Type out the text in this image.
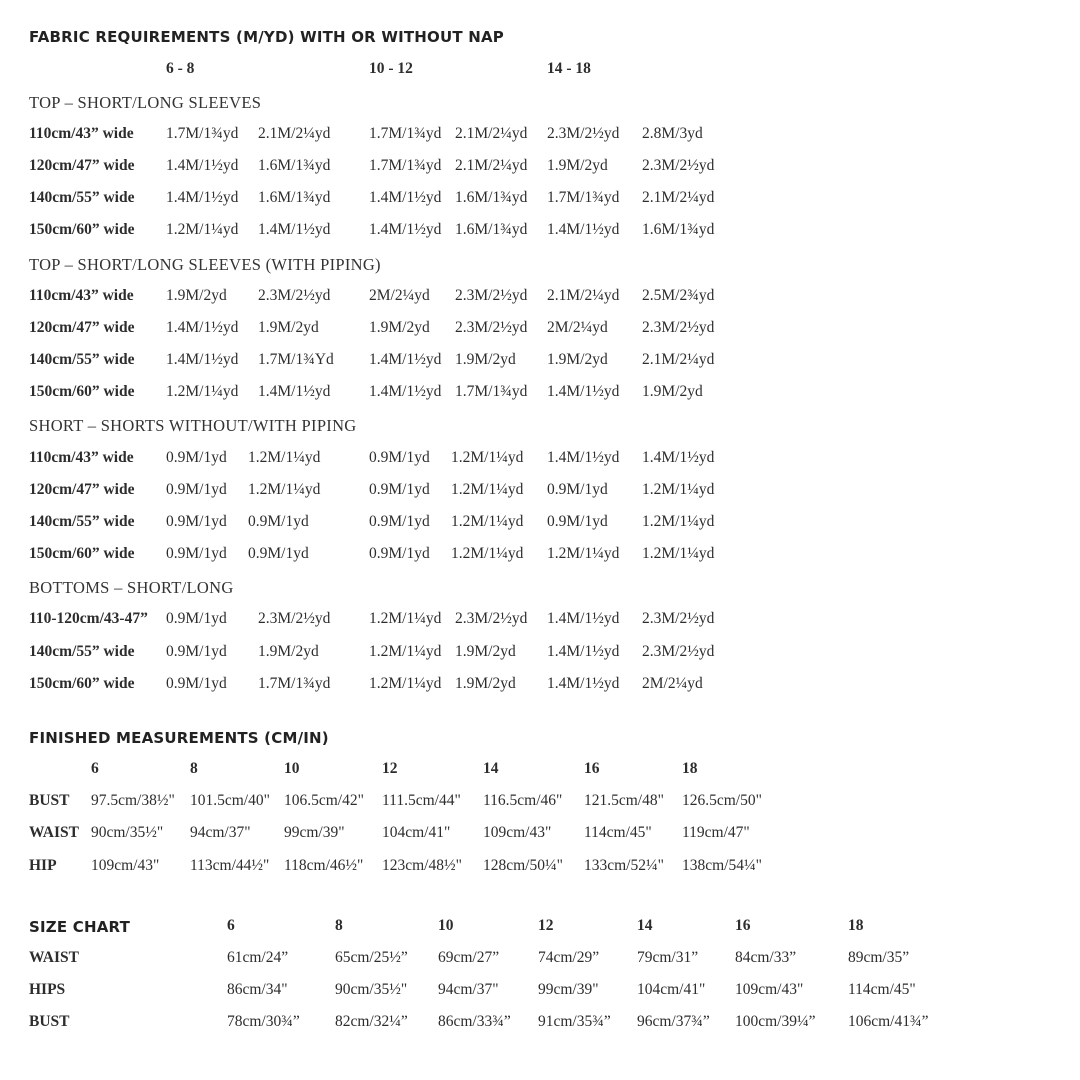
FABRIC REQUIREMENTS (M/YD) WITH OR WITHOUT NAP
6 - 8	10 - 12	14 - 18
TOP – SHORT/LONG SLEEVES
110cm/43” wide 1.7M/1¾yd 2.1M/2¼yd 1.7M/1¾yd 2.1M/2¼yd 2.3M/2½yd 2.8M/3yd
120cm/47” wide 1.4M/1½yd 1.6M/1¾yd 1.7M/1¾yd 2.1M/2¼yd 1.9M/2yd 2.3M/2½yd
140cm/55” wide 1.4M/1½yd 1.6M/1¾yd 1.4M/1½yd 1.6M/1¾yd 1.7M/1¾yd 2.1M/2¼yd
150cm/60” wide 1.2M/1¼yd 1.4M/1½yd 1.4M/1½yd 1.6M/1¾yd 1.4M/1½yd 1.6M/1¾yd
TOP – SHORT/LONG SLEEVES (WITH PIPING)
110cm/43” wide 1.9M/2yd 2.3M/2½yd 2M/2¼yd 2.3M/2½yd 2.1M/2¼yd 2.5M/2¾yd
120cm/47” wide 1.4M/1½yd 1.9M/2yd	1.9M/2yd 2.3M/2½yd 2M/2¼yd 2.3M/2½yd
140cm/55” wide 1.4M/1½yd 1.7M/1¾Yd 1.4M/1½yd 1.9M/2yd 1.9M/2yd 2.1M/2¼yd
150cm/60” wide 1.2M/1¼yd 1.4M/1½yd 1.4M/1½yd 1.7M/1¾yd 1.4M/1½yd 1.9M/2yd
SHORT – SHORTS WITHOUT/WITH PIPING
110cm/43” wide 0.9M/1yd 1.2M/1¼yd	0.9M/1yd 1.2M/1¼yd 1.4M/1½yd 1.4M/1½yd
120cm/47” wide 0.9M/1yd 1.2M/1¼yd	0.9M/1yd 1.2M/1¼yd 0.9M/1yd 1.2M/1¼yd
140cm/55” wide 0.9M/1yd 0.9M/1yd	0.9M/1yd 1.2M/1¼yd 0.9M/1yd 1.2M/1¼yd
150cm/60” wide 0.9M/1yd 0.9M/1yd	0.9M/1yd 1.2M/1¼yd 1.2M/1¼yd 1.2M/1¼yd
BOTTOMS – SHORT/LONG
110-120cm/43-47” 0.9M/1yd 2.3M/2½yd 1.2M/1¼yd 2.3M/2½yd 1.4M/1½yd 2.3M/2½yd
140cm/55” wide 0.9M/1yd 1.9M/2yd	1.2M/1¼yd 1.9M/2yd 1.4M/1½yd 2.3M/2½yd
150cm/60” wide 0.9M/1yd 1.7M/1¾yd 1.2M/1¼yd 1.9M/2yd 1.4M/1½yd 2M/2¼yd
FINISHED MEASUREMENTS (CM/IN)
6	8	10	12	14	16	18
BUST 97.5cm/38½" 101.5cm/40" 106.5cm/42" 111.5cm/44" 116.5cm/46" 121.5cm/48" 126.5cm/50"
WAIST 90cm/35½" 94cm/37" 99cm/39" 104cm/41" 109cm/43" 114cm/45" 119cm/47"
HIP 109cm/43" 113cm/44½" 118cm/46½" 123cm/48½" 128cm/50¼" 133cm/52¼" 138cm/54¼"
SIZE CHART	6	8	10	12	14	16	18
WAIST	61cm/24”	65cm/25½” 69cm/27”	74cm/29” 79cm/31” 84cm/33”	89cm/35”
HIPS	86cm/34"	90cm/35½" 94cm/37"	99cm/39" 104cm/41" 109cm/43"	114cm/45"
BUST	78cm/30¾” 82cm/32¼” 86cm/33¾” 91cm/35¾” 96cm/37¾” 100cm/39¼” 106cm/41¾”
